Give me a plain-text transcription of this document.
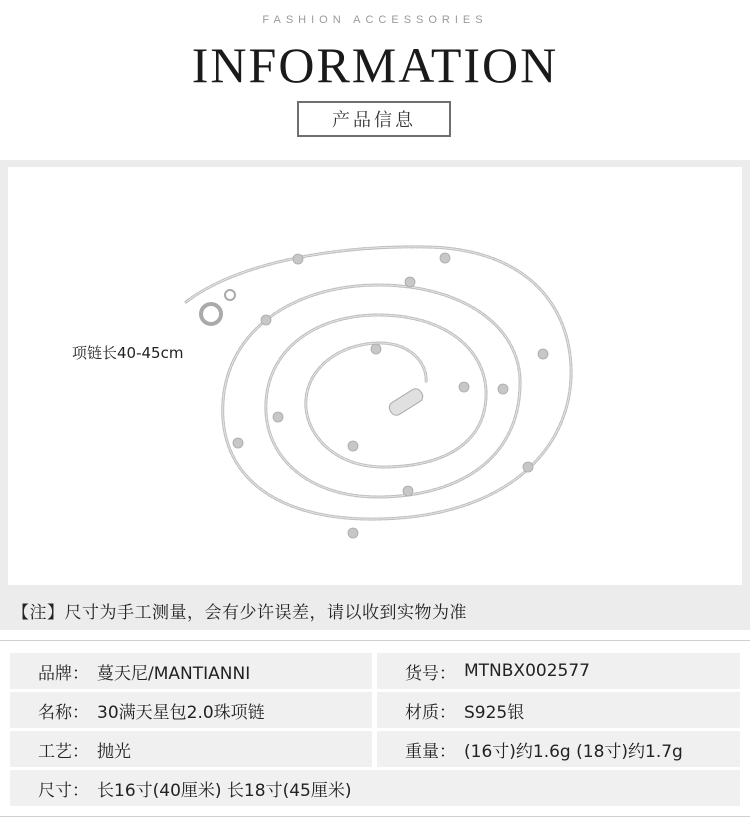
FASHION ACCESSORIES
INFORMATION
产品信息
项链长40-45cm
【注】尺寸为手工测量，会有少许误差，请以收到实物为准
品牌： 蔓天尼/MANTIANNI	货号： MTNBX002577
名称： 30满天星包2.0珠项链	材质： S925银
工艺： 抛光	重量： (16寸)约1.6g (18寸)约1.7g
尺寸： 长16寸(40厘米) 长18寸(45厘米)
